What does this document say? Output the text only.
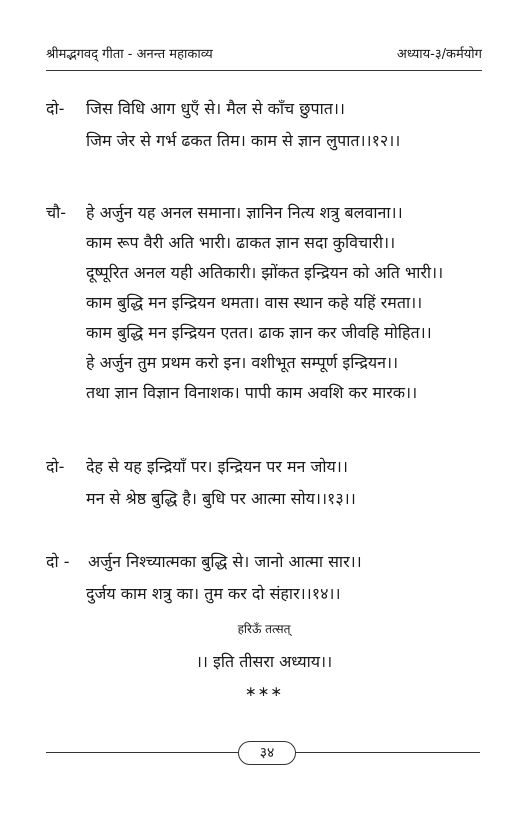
श्रीमद्भगवद् गीता - अनन्त महाकाव्य	अध्याय-३/कर्मयोग
दो- जिस विधि आग धुएँ से। मैल से काँच छुपात।।
जिम जेर से गर्भ ढकत तिम। काम से ज्ञान लुपात।।१२।।
चौ- हे अर्जुन यह अनल समाना। ज्ञानिन नित्य शत्रु बलवाना।।
काम रूप वैरी अति भारी। ढाकत ज्ञान सदा कुविचारी।।
दूष्पूरित अनल यही अतिकारी। झोंकत इन्द्रियन को अति भारी।।
काम बुद्धि मन इन्द्रियन थमता। वास स्थान कहे यहिं रमता।।
काम बुद्धि मन इन्द्रियन एतत। ढाक ज्ञान कर जीवहि मोहित।।
हे अर्जुन तुम प्रथम करो इन। वशीभूत सम्पूर्ण इन्द्रियन।।
तथा ज्ञान विज्ञान विनाशक। पापी काम अवशि कर मारक।।
दो- देह से यह इन्द्रियाँ पर। इन्द्रियन पर मन जोय।।
मन से श्रेष्ठ बुद्धि है। बुधि पर आत्मा सोय।।१३।।
दो - अर्जुन निश्च्यात्मका बुद्धि से। जानो आत्मा सार।।
दुर्जय काम शत्रु का। तुम कर दो संहार।।१४।।
हरिऊँ तत्सत्
।। इति तीसरा अध्याय।।
∗∗∗
३४
